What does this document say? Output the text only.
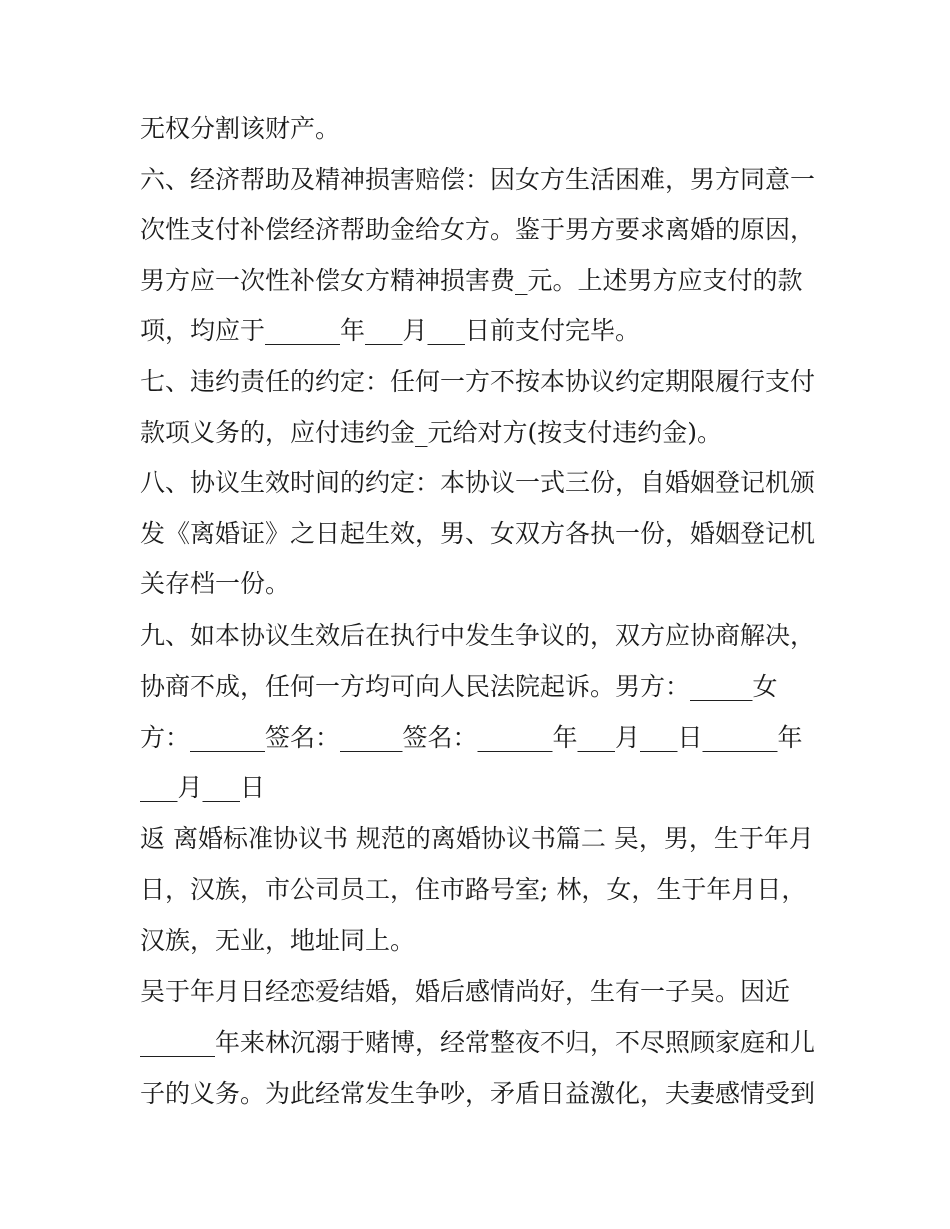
无权分割该财产。

六、经济帮助及精神损害赔偿：因女方生活困难，男方同意一

次性支付补偿经济帮助金给女方。鉴于男方要求离婚的原因，

男方应一次性补偿女方精神损害费_元。上述男方应支付的款

项，均应于______年___月___日前支付完毕。

七、违约责任的约定：任何一方不按本协议约定期限履行支付

款项义务的，应付违约金_元给对方(按支付违约金)。

八、协议生效时间的约定：本协议一式三份，自婚姻登记机颁

发《离婚证》之日起生效，男、女双方各执一份，婚姻登记机

关存档一份。

九、如本协议生效后在执行中发生争议的，双方应协商解决，

协商不成，任何一方均可向人民法院起诉。男方：_____女

方：______签名：_____签名：______年___月___日______年

___月___日

返 离婚标准协议书 规范的离婚协议书篇二 吴，男，生于年月

日，汉族，市公司员工，住市路号室; 林，女，生于年月日，

汉族，无业，地址同上。

吴于年月日经恋爱结婚，婚后感情尚好，生有一子吴。因近

______年来林沉溺于赌博，经常整夜不归，不尽照顾家庭和儿

子的义务。为此经常发生争吵，矛盾日益激化，夫妻感情受到
